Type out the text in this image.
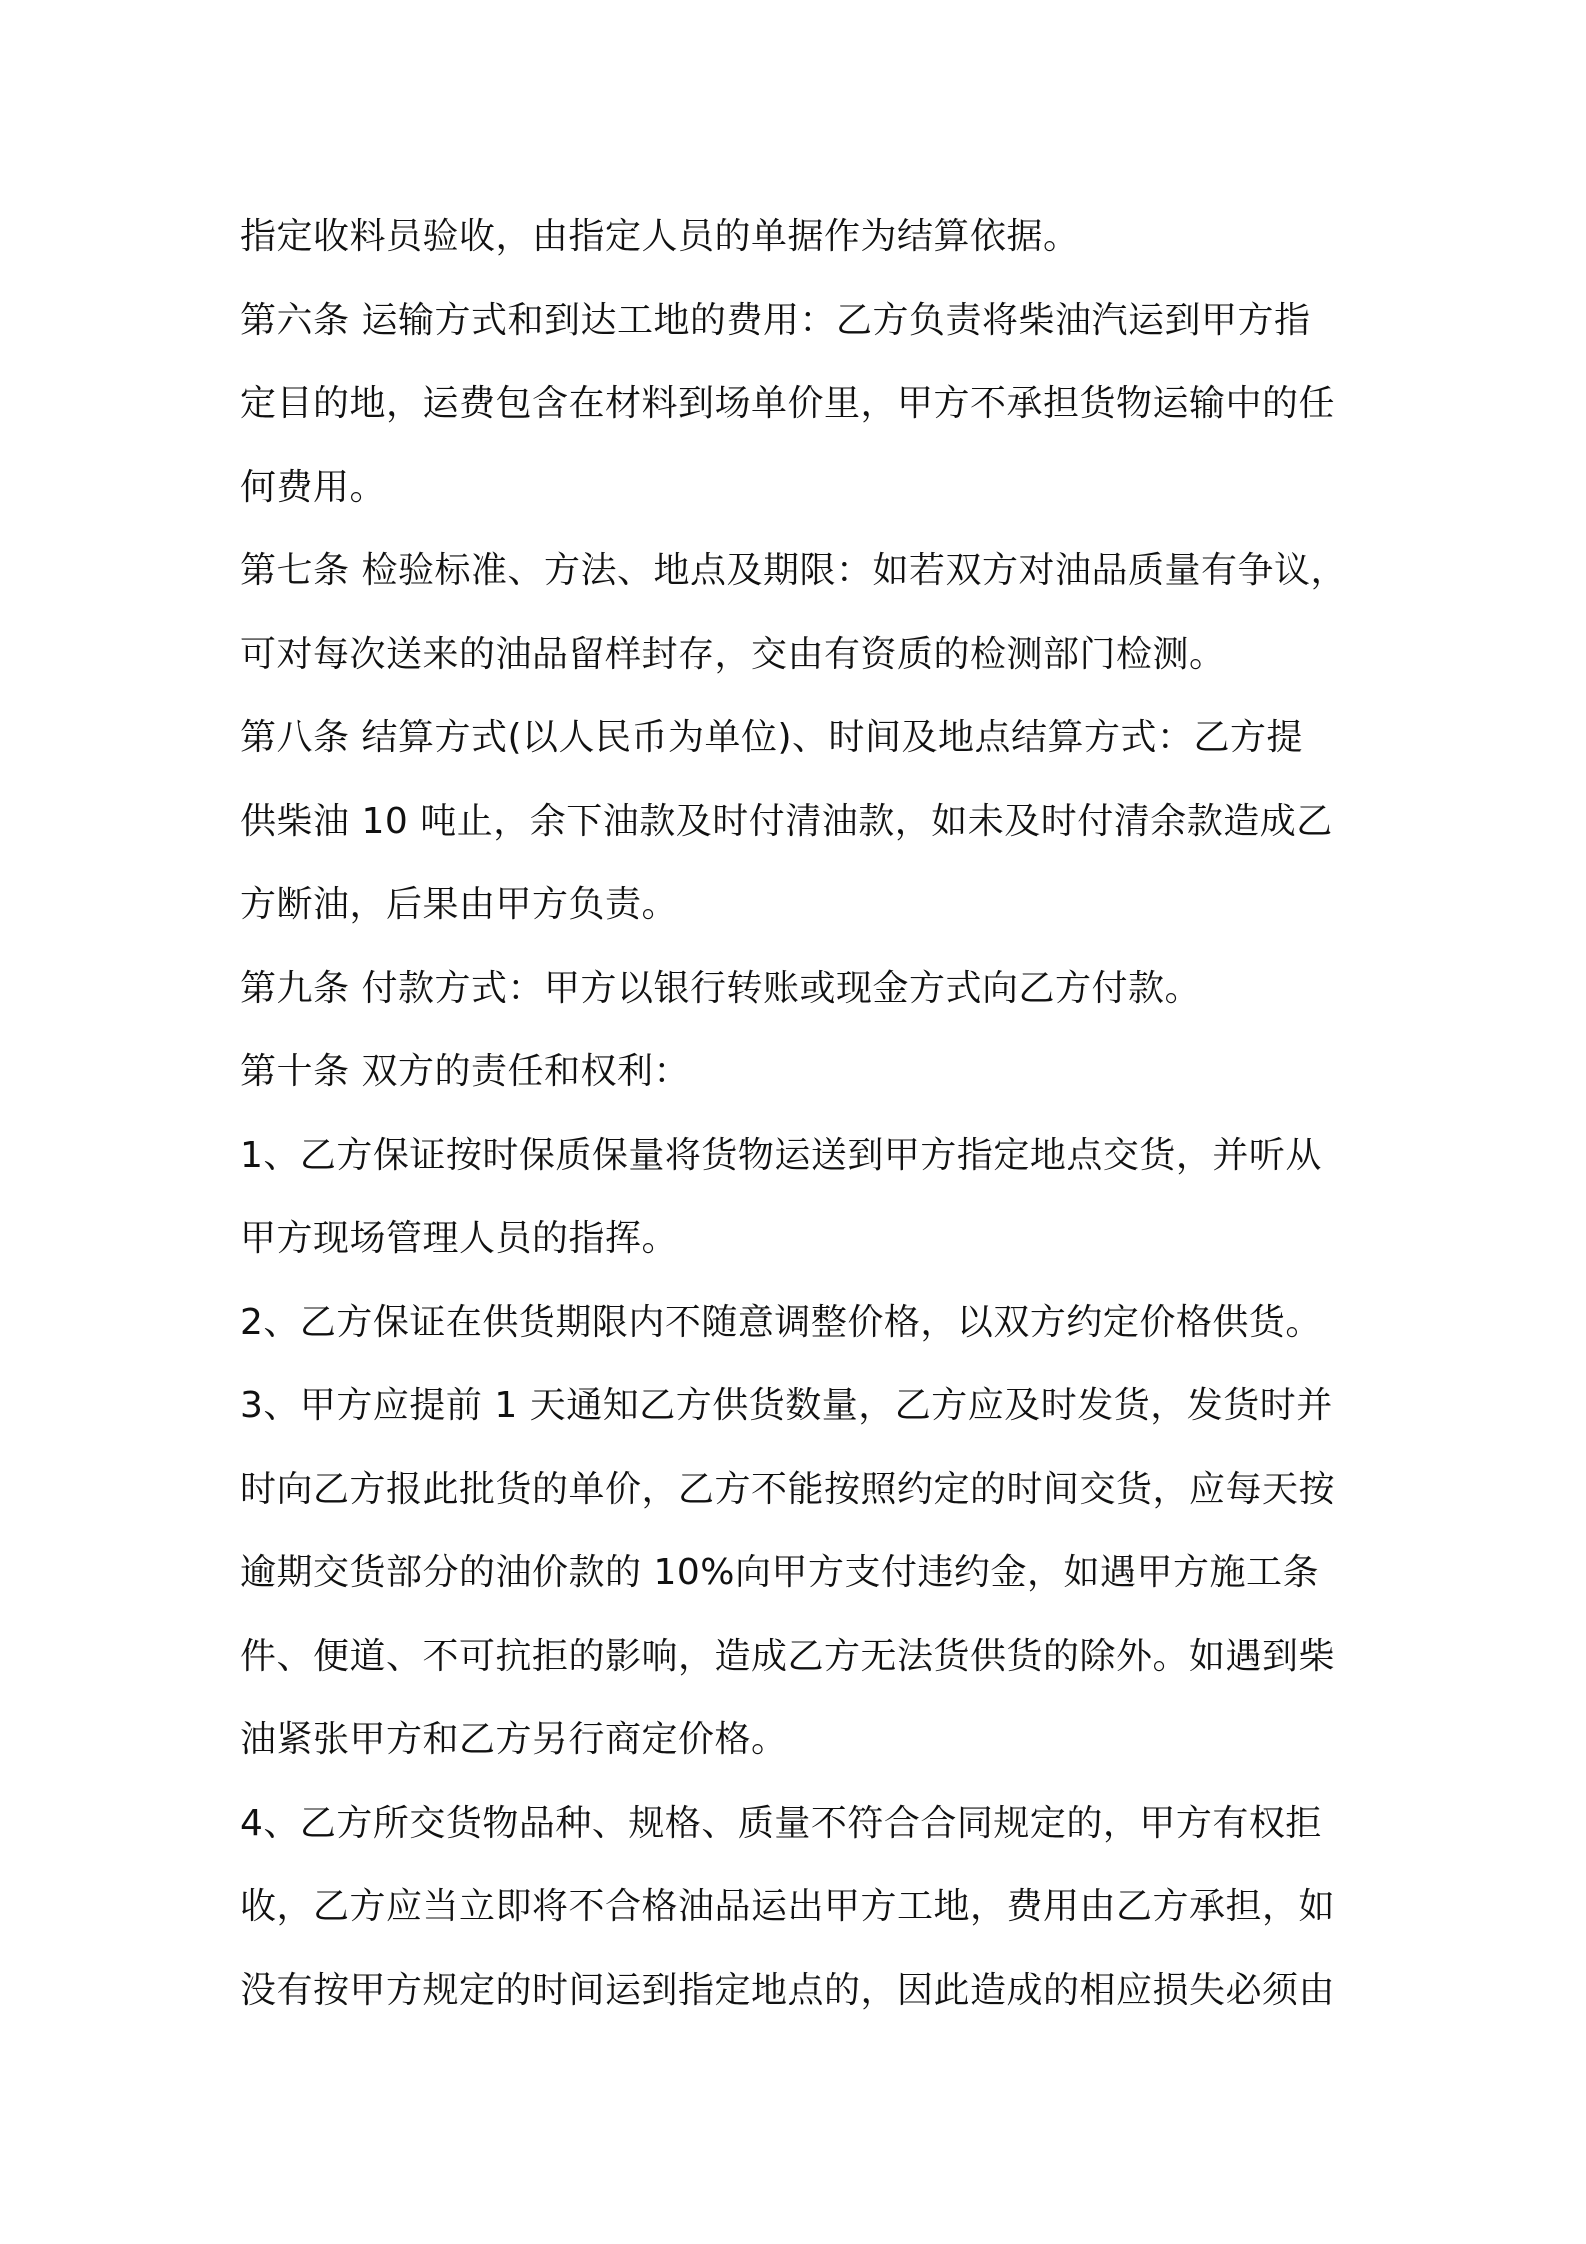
指定收料员验收，由指定人员的单据作为结算依据。
第六条 运输方式和到达工地的费用：乙方负责将柴油汽运到甲方指
定目的地，运费包含在材料到场单价里，甲方不承担货物运输中的任
何费用。
第七条 检验标准、方法、地点及期限：如若双方对油品质量有争议，
可对每次送来的油品留样封存，交由有资质的检测部门检测。
第八条 结算方式(以人民币为单位)、时间及地点结算方式：乙方提
供柴油 10 吨止，余下油款及时付清油款，如未及时付清余款造成乙
方断油，后果由甲方负责。
第九条 付款方式：甲方以银行转账或现金方式向乙方付款。
第十条 双方的责任和权利：
1、乙方保证按时保质保量将货物运送到甲方指定地点交货，并听从
甲方现场管理人员的指挥。
2、乙方保证在供货期限内不随意调整价格，以双方约定价格供货。
3、甲方应提前 1 天通知乙方供货数量，乙方应及时发货，发货时并
时向乙方报此批货的单价，乙方不能按照约定的时间交货，应每天按
逾期交货部分的油价款的 10%向甲方支付违约金，如遇甲方施工条
件、便道、不可抗拒的影响，造成乙方无法货供货的除外。如遇到柴
油紧张甲方和乙方另行商定价格。
4、乙方所交货物品种、规格、质量不符合合同规定的，甲方有权拒
收，乙方应当立即将不合格油品运出甲方工地，费用由乙方承担，如
没有按甲方规定的时间运到指定地点的，因此造成的相应损失必须由
